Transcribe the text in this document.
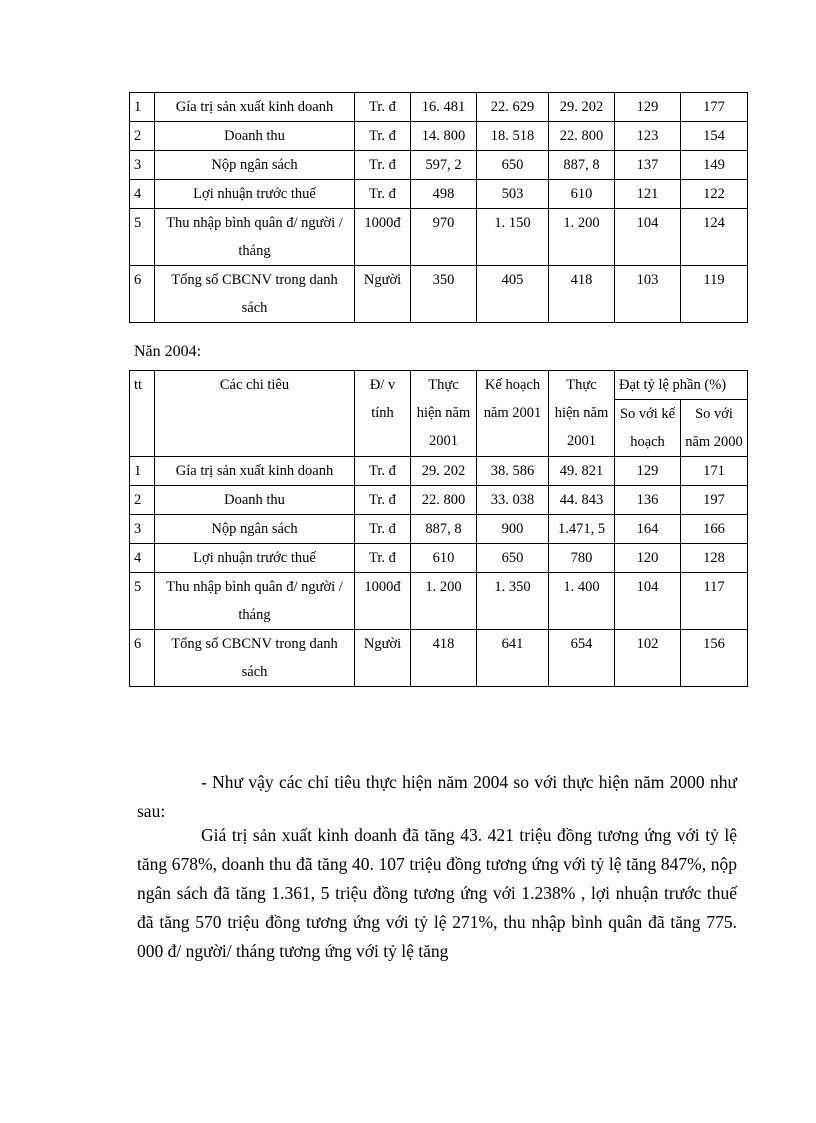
1	Gía trị sản xuất kinh doanh	Tr. đ	16. 481	22. 629	29. 202	129	177
2	Doanh thu	Tr. đ	14. 800	18. 518	22. 800	123	154
3	Nộp ngân sách	Tr. đ	597, 2	650	887, 8	137	149
4	Lợi nhuận trước thuế	Tr. đ	498	503	610	121	122
5	Thu nhập bình quân đ/ người / tháng	1000đ	970	1. 150	1. 200	104	124
6	Tổng số CBCNV trong danh sách	Người	350	405	418	103	119
Năn 2004:
tt	Các chi tiêu	Đ/ v tính	Thực hiện năm 2001	Kế hoạch năm 2001	Thực hiện năm 2001	Đạt tỷ lệ phần (%)	
						So với kế hoạch	So với năm 2000
1	Gía trị sản xuất kinh doanh	Tr. đ	29. 202	38. 586	49. 821	129	171
2	Doanh thu	Tr. đ	22. 800	33. 038	44. 843	136	197
3	Nộp ngân sách	Tr. đ	887, 8	900	1.471, 5	164	166
4	Lợi nhuận trước thuế	Tr. đ	610	650	780	120	128
5	Thu nhập bình quân đ/ người / tháng	1000đ	1. 200	1. 350	1. 400	104	117
6	Tổng số CBCNV trong danh sách	Người	418	641	654	102	156
- Như vậy các chỉ tiêu thực hiện năm 2004 so với thực hiện năm 2000 như sau:
Giá trị sản xuất kinh doanh đã tăng 43. 421 triệu đồng tương ứng với tỷ lệ tăng 678%, doanh thu đã tăng 40. 107 triệu đồng tương ứng với tỷ lệ tăng 847%, nộp ngân sách đã tăng 1.361, 5 triệu đồng tương ứng với 1.238% , lợi nhuận trước thuế đã tăng 570 triệu đồng tương ứng với tỷ lệ 271%, thu nhập bình quân đã tăng 775. 000 đ/ người/ tháng tương ứng với tỷ lệ tăng
